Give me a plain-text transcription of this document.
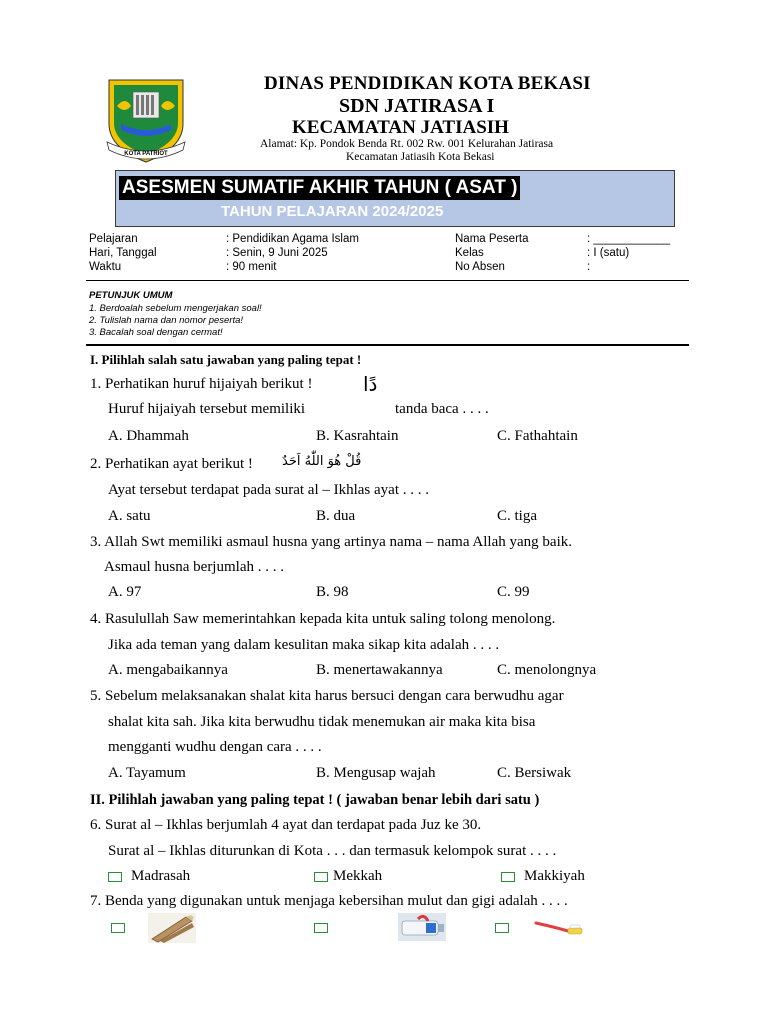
KOTA PATRIOT
DINAS PENDIDIKAN KOTA BEKASI
SDN JATIRASA I
KECAMATAN JATIASIH
Alamat: Kp. Pondok Benda Rt. 002 Rw. 001 Kelurahan Jatirasa
Kecamatan Jatiasih Kota Bekasi
ASESMEN SUMATIF AKHIR TAHUN ( ASAT )
TAHUN PELAJARAN 2024/2025
Pelajaran	: Pendidikan Agama Islam	Nama Peserta	: ____________
Hari, Tanggal	: Senin, 9 Juni 2025	Kelas	: I (satu)
Waktu	: 90 menit	No Absen	:
PETUNJUK UMUM
1. Berdoalah sebelum mengerjakan soal!
2. Tulislah nama dan nomor peserta!
3. Bacalah soal dengan cermat!
I. Pilihlah salah satu jawaban yang paling tepat !
1. Perhatikan huruf hijaiyah berikut !	دًا
Huruf hijaiyah tersebut memiliki	tanda baca . . . .
A. Dhammah	B. Kasrahtain	C. Fathahtain
2. Perhatikan ayat berikut ! قُلْ هُوَ اللّٰهُ اَحَدٌ
Ayat tersebut terdapat pada surat al – Ikhlas ayat . . . .
A. satu	B. dua	C. tiga
3. Allah Swt memiliki asmaul husna yang artinya nama – nama Allah yang baik.
Asmaul husna berjumlah . . . .
A. 97	B. 98	C. 99
4. Rasulullah Saw memerintahkan kepada kita untuk saling tolong menolong.
Jika ada teman yang dalam kesulitan maka sikap kita adalah . . . .
A. mengabaikannya	B. menertawakannya	C. menolongnya
5. Sebelum melaksanakan shalat kita harus bersuci dengan cara berwudhu agar
shalat kita sah. Jika kita berwudhu tidak menemukan air maka kita bisa
mengganti wudhu dengan cara . . . .
A. Tayamum	B. Mengusap wajah	C. Bersiwak
II. Pilihlah jawaban yang paling tepat ! ( jawaban benar lebih dari satu )
6. Surat al – Ikhlas berjumlah 4 ayat dan terdapat pada Juz ke 30.
Surat al – Ikhlas diturunkan di Kota . . . dan termasuk kelompok surat . . . .
Madrasah	Mekkah	Makkiyah
7. Benda yang digunakan untuk menjaga kebersihan mulut dan gigi adalah . . . .
